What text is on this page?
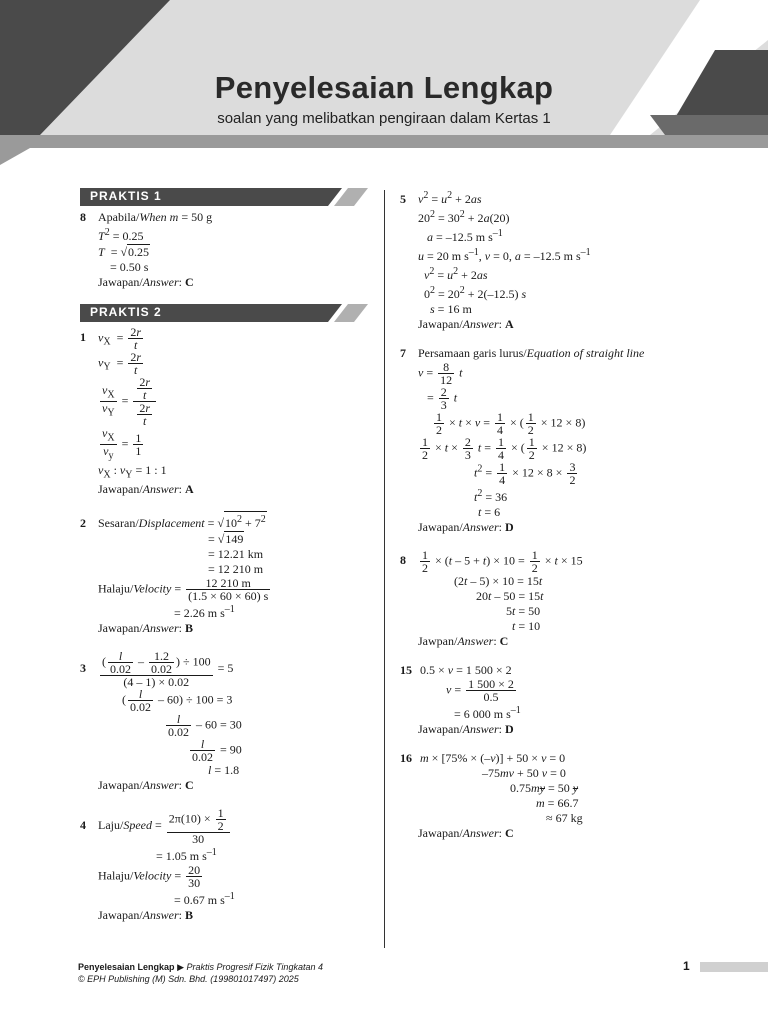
Penyelesaian Lengkap
soalan yang melibatkan pengiraan dalam Kertas 1
PRAKTIS 1
8 Apabila/When m = 50 g
$T^2 = 0.25$
T  = √0.25
= 0.50 s
Jawapan/Answer: C
PRAKTIS 2
1 $v_X = \frac{2r}{t}$
$v_Y = \frac{2r}{t}$
$\frac{v_X}{v_Y} = \frac{\frac{2r}{t}}{\frac{2r}{t}}$
$\frac{v_X}{v_y} = \frac{1}{1}$
$v_X$ : $v_Y = 1$ : 1
Jawapan/Answer: A
2 Sesaran/Displacement = $√10^2 + 7^2$
= √149
= 12.21 km
= 12 210 m
Halaju/Velocity = $\frac{12 210 m}{(1.5 \times 60 \times 60) s}$
= 2.26 m $s^{-1}$
Jawapan/Answer: B
$3 \frac{( \frac{l}{0.02} - \frac{1.2}{0.02} ) \div 100}{(4 - 1) \times 0.02} = 5$
( $\frac{l}{0.02} - 60) \div 100 = 3$
$\frac{l}{0.02} - 60 = 30$
$\frac{l}{0.02} = 90$
l = 1.8
Jawapan/Answer: C
4 Laju/Speed = $\frac{2\pi(10) \times \frac{1}{2}}{30}$
= 1.05 m $s^{-1}$
Halaju/Velocity = $\frac{20}{30}$
= 0.67 m $s^{-1}$
Jawapan/Answer: B
5 $v^2 = u^2 + 2as$
$20^2 = 30^2 + 2a(20)$
a = –12.5 m $s^{-1}$
u = 20 m $s^{-1}$, v = 0, a = –12.5 m $s^{-1}$
$v^2 = u^2 + 2as$
$0^2 = 20^2 + 2(-12.5)$ s
s = 16 m
Jawapan/Answer: A
7 Persamaan garis lurus/Equation of straight line
$v = \frac{8}{12}$ t
= $\frac{2}{3}$ t
$\frac{1}{2} \times t \times v = \frac{1}{4}$ × ( $\frac{1}{2} \times 12 \times 8$)
$\frac{1}{2} \times t \times \frac{2}{3}$ $t = \frac{1}{4}$ × ( $\frac{1}{2} \times 12 \times 8$)
$t^2 = \frac{1}{4} \times 12 \times 8 \times \frac{3}{2}$
$t^2 = 36$
t = 6
Jawapan/Answer: D
$8 \frac{1}{2} \times (t - 5 + t) \times 10 = \frac{1}{2} \times t \times 15$
(2t – 5) × 10 = 15t
20t – 50 = 15t
5t = 50
t = 10
Jawpan/Answer: C
15 0.5 × v = 1 500 × 2
$v = \frac{1 500 \times 2}{0.5}$
= 6 000 m $s^{-1}$
Jawapan/Answer: D
16 m × [75% × (–v)] + 50 × v = 0
–75mv + 50 v = 0
0.75my = 50 y
m = 66.7
≈ 67 kg
Jawapan/Answer: C
Penyelesaian Lengkap ▶ Praktis Progresif Fizik Tingkatan 4
© EPH Publishing (M) Sdn. Bhd. (199801017497) 2025
1
